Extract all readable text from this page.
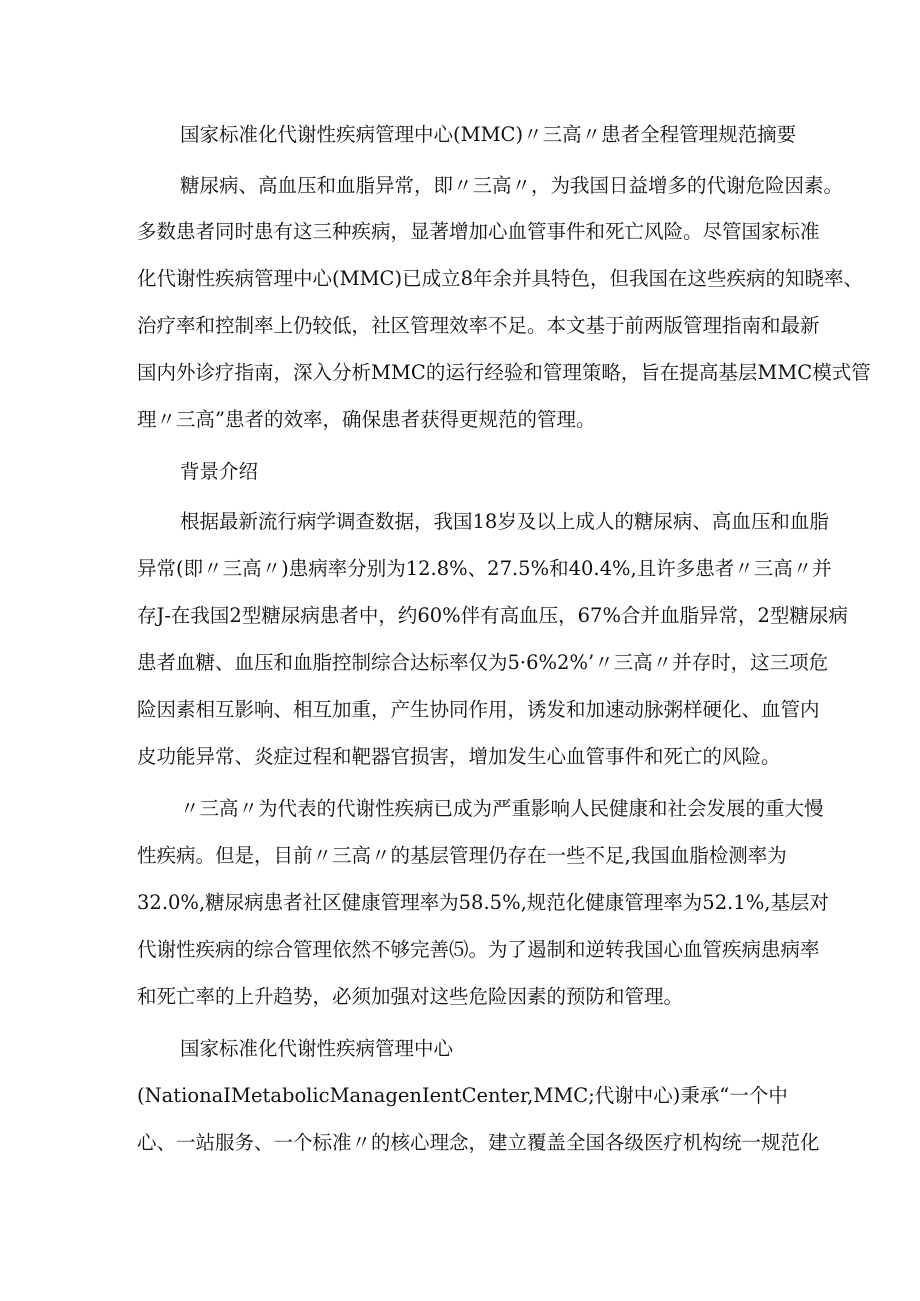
国家标准化代谢性疾病管理中心(MMC)〃三高〃患者全程管理规范摘要
糖尿病、高血压和血脂异常，即〃三高〃，为我国日益增多的代谢危险因素。
多数患者同时患有这三种疾病，显著增加心血管事件和死亡风险。尽管国家标准
化代谢性疾病管理中心(MMC)已成立8年余并具特色，但我国在这些疾病的知晓率、
治疗率和控制率上仍较低，社区管理效率不足。本文基于前两版管理指南和最新
国内外诊疗指南，深入分析MMC的运行经验和管理策略，旨在提高基层MMC模式管
理〃三高”患者的效率，确保患者获得更规范的管理。
背景介绍
根据最新流行病学调查数据，我国18岁及以上成人的糖尿病、高血压和血脂
异常(即〃三高〃)患病率分别为12.8%、27.5%和40.4%,且许多患者〃三高〃并
存J-在我国2型糖尿病患者中，约60%伴有高血压，67%合并血脂异常，2型糖尿病
患者血糖、血压和血脂控制综合达标率仅为5·6%2%’〃三高〃并存时，这三项危
险因素相互影响、相互加重，产生协同作用，诱发和加速动脉粥样硬化、血管内
皮功能异常、炎症过程和靶器官损害，增加发生心血管事件和死亡的风险。
〃三高〃为代表的代谢性疾病已成为严重影响人民健康和社会发展的重大慢
性疾病。但是，目前〃三高〃的基层管理仍存在一些不足,我国血脂检测率为
32.0%,糖尿病患者社区健康管理率为58.5%,规范化健康管理率为52.1%,基层对
代谢性疾病的综合管理依然不够完善⑸。为了遏制和逆转我国心血管疾病患病率
和死亡率的上升趋势，必须加强对这些危险因素的预防和管理。
国家标准化代谢性疾病管理中心
(NationaIMetabolicManagenIentCenter,MMC;代谢中心)秉承“一个中
心、一站服务、一个标准〃的核心理念，建立覆盖全国各级医疗机构统一规范化
